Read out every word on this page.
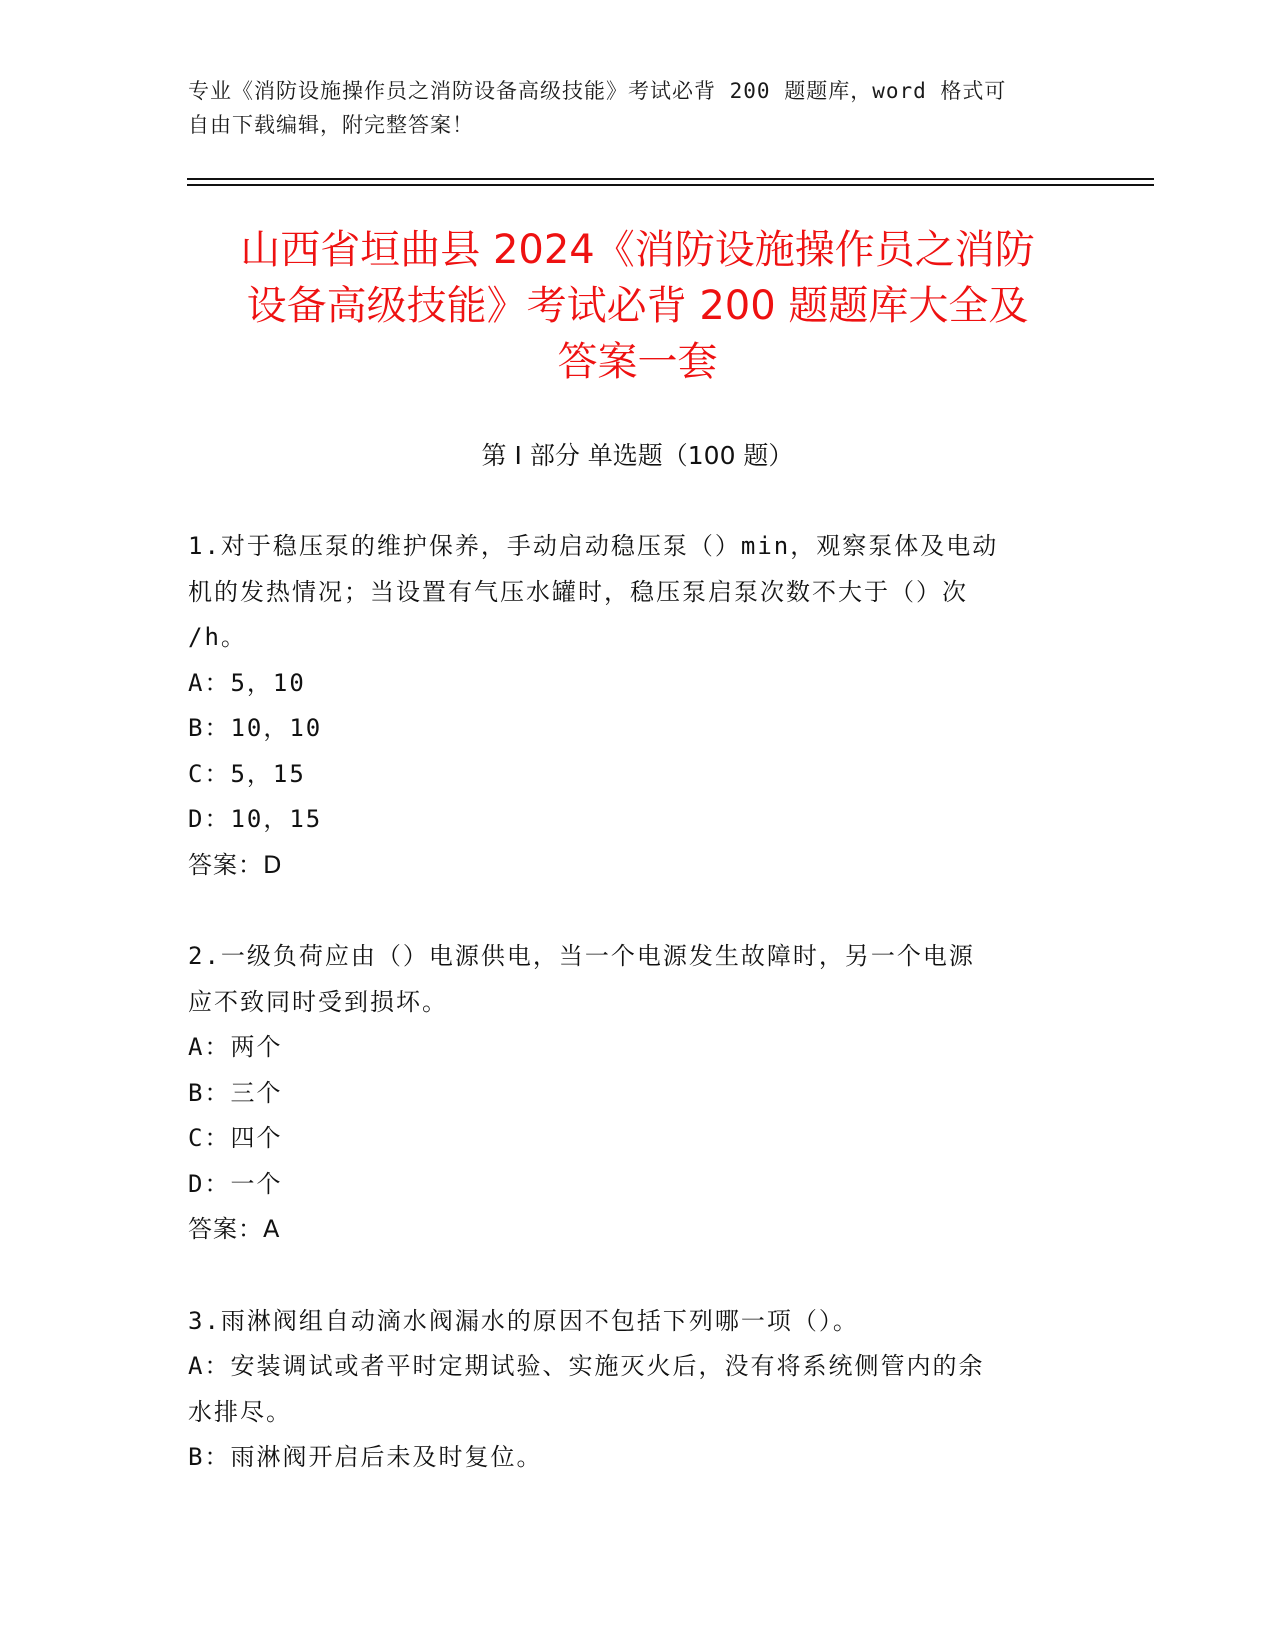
专业《消防设施操作员之消防设备高级技能》考试必背 200 题题库，word 格式可
自由下载编辑，附完整答案！
山西省垣曲县 2024《消防设施操作员之消防
设备高级技能》考试必背 200 题题库大全及
答案一套
第 I 部分 单选题（100 题）
1.对于稳压泵的维护保养，手动启动稳压泵（）min，观察泵体及电动
机的发热情况；当设置有气压水罐时，稳压泵启泵次数不大于（）次
/h。
A：5，10
B：10，10
C：5，15
D：10，15
答案：D
2.一级负荷应由（）电源供电，当一个电源发生故障时，另一个电源
应不致同时受到损坏。
A：两个
B：三个
C：四个
D：一个
答案：A
3.雨淋阀组自动滴水阀漏水的原因不包括下列哪一项（）。
A：安装调试或者平时定期试验、实施灭火后，没有将系统侧管内的余
水排尽。
B：雨淋阀开启后未及时复位。
